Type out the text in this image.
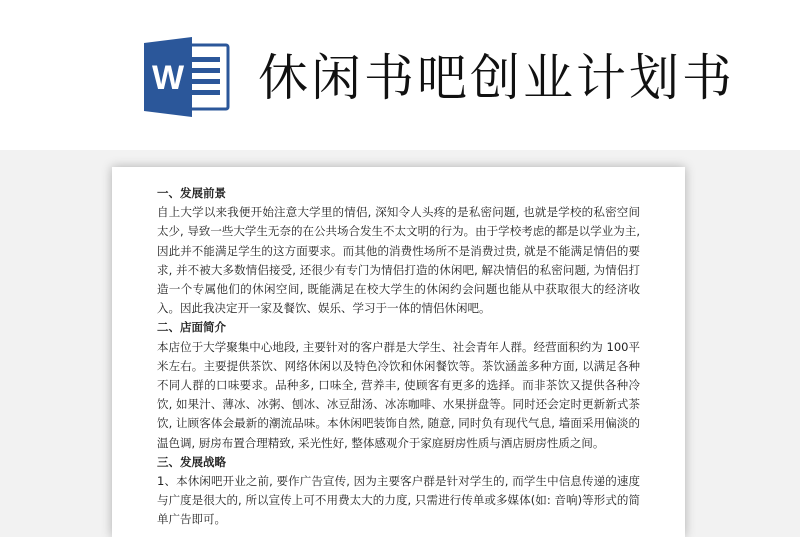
W 休闲书吧创业计划书

一、发展前景

自上大学以来我便开始注意大学里的情侣, 深知令人头疼的是私密问题, 也就是学校的私密空间太少, 导致一些大学生无奈的在公共场合发生不太文明的行为。由于学校考虑的都是以学业为主, 因此并不能满足学生的这方面要求。而其他的消费性场所不是消费过贵, 就是不能满足情侣的要求, 并不被大多数情侣接受, 还很少有专门为情侣打造的休闲吧, 解决情侣的私密问题, 为情侣打造一个专属他们的休闲空间, 既能满足在校大学生的休闲约会问题也能从中获取很大的经济收入。因此我决定开一家及餐饮、娱乐、学习于一体的情侣休闲吧。

二、店面简介

本店位于大学聚集中心地段, 主要针对的客户群是大学生、社会青年人群。经营面积约为 100平米左右。主要提供茶饮、网络休闲以及特色冷饮和休闲餐饮等。茶饮涵盖多种方面, 以满足各种不同人群的口味要求。品种多, 口味全, 营养丰, 使顾客有更多的选择。而非茶饮又提供各种冷饮, 如果汁、薄冰、冰粥、刨冰、冰豆甜汤、冰冻咖啡、水果拼盘等。同时还会定时更新新式茶饮, 让顾客体会最新的潮流品味。本休闲吧装饰自然, 随意, 同时负有现代气息, 墙面采用偏淡的温色调, 厨房布置合理精致, 采光性好, 整体感观介于家庭厨房性质与酒店厨房性质之间。

三、发展战略

1、本休闲吧开业之前, 要作广告宣传, 因为主要客户群是针对学生的, 而学生中信息传递的速度与广度是很大的, 所以宣传上可不用费太大的力度, 只需进行传单或多媒体(如: 音响)等形式的简单广告即可。
